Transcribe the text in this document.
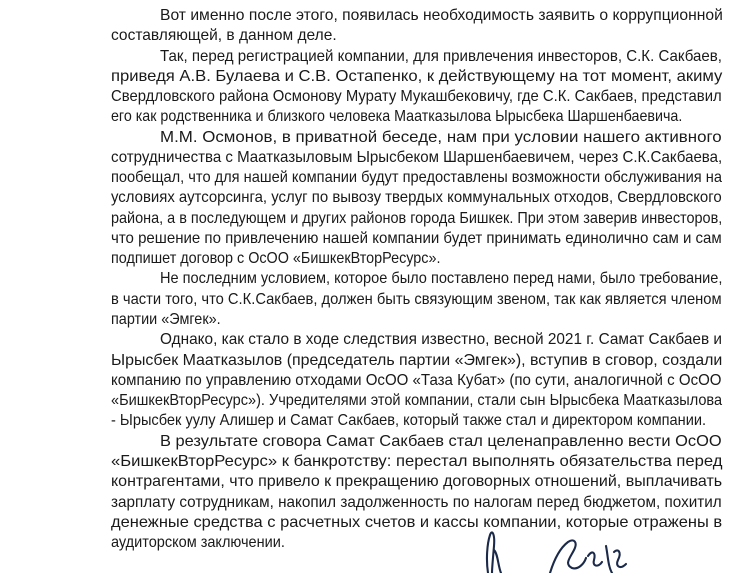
Вот именно после этого, появилась необходимость заявить о коррупционной
составляющей, в данном деле.
Так, перед регистрацией компании, для привлечения инвесторов, С.К. Сакбаев,
приведя А.В. Булаева и С.В. Остапенко, к действующему на тот момент, акиму
Свердловского района Осмонову Мурату Мукашбековичу, где С.К. Сакбаев, представил
его как родственника и близкого человека Маатказылова Ырысбека Шаршенбаевича.
М.М. Осмонов, в приватной беседе, нам при условии нашего активного
сотрудничества с Маатказыловым Ырысбеком Шаршенбаевичем, через С.К.Сакбаева,
пообещал, что для нашей компании будут предоставлены возможности обслуживания на
условиях аутсорсинга, услуг по вывозу твердых коммунальных отходов, Свердловского
района, а в последующем и других районов города Бишкек. При этом заверив инвесторов,
что решение по привлечению нашей компании будет принимать единолично сам и сам
подпишет договор с ОсОО «БишкекВторРесурс».
Не последним условием, которое было поставлено перед нами, было требование,
в части того, что С.К.Сакбаев, должен быть связующим звеном, так как является членом
партии «Эмгек».
Однако, как стало в ходе следствия известно, весной 2021 г. Самат Сакбаев и
Ырысбек Маатказылов (председатель партии «Эмгек»), вступив в сговор, создали
компанию по управлению отходами ОсОО «Таза Кубат» (по сути, аналогичной с ОсОО
«БишкекВторРесурс»). Учредителями этой компании, стали сын Ырысбека Маатказылова
- Ырысбек уулу Алишер и Самат Сакбаев, который также стал и директором компании.
В результате сговора Самат Сакбаев стал целенаправленно вести ОсОО
«БишкекВторРесурс» к банкротству: перестал выполнять обязательства перед
контрагентами, что привело к прекращению договорных отношений, выплачивать
зарплату сотрудникам, накопил задолженность по налогам перед бюджетом, похитил
денежные средства с расчетных счетов и кассы компании, которые отражены в
аудиторском заключении.
